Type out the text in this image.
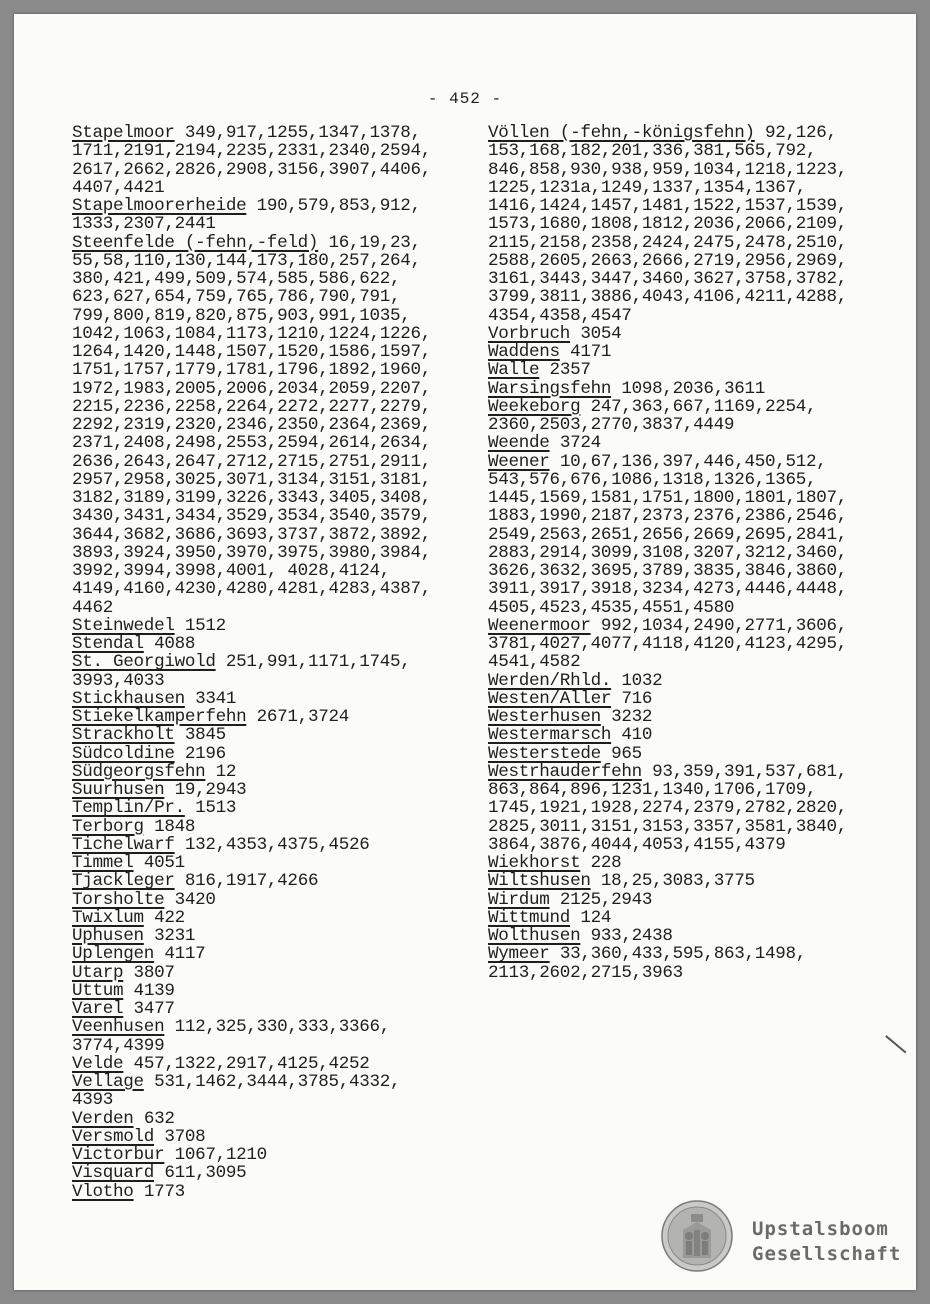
- 452 -
Stapelmoor 349,917,1255,1347,1378,
1711,2191,2194,2235,2331,2340,2594,
2617,2662,2826,2908,3156,3907,4406,
4407,4421
Stapelmoorerheide 190,579,853,912,
1333,2307,2441
Steenfelde (-fehn,-feld) 16,19,23,
55,58,110,130,144,173,180,257,264,
380,421,499,509,574,585,586,622,
623,627,654,759,765,786,790,791,
799,800,819,820,875,903,991,1035,
1042,1063,1084,1173,1210,1224,1226,
1264,1420,1448,1507,1520,1586,1597,
1751,1757,1779,1781,1796,1892,1960,
1972,1983,2005,2006,2034,2059,2207,
2215,2236,2258,2264,2272,2277,2279,
2292,2319,2320,2346,2350,2364,2369,
2371,2408,2498,2553,2594,2614,2634,
2636,2643,2647,2712,2715,2751,2911,
2957,2958,3025,3071,3134,3151,3181,
3182,3189,3199,3226,3343,3405,3408,
3430,3431,3434,3529,3534,3540,3579,
3644,3682,3686,3693,3737,3872,3892,
3893,3924,3950,3970,3975,3980,3984,
3992,3994,3998,4001, 4028,4124,
4149,4160,4230,4280,4281,4283,4387,
4462
Steinwedel 1512
Stendal 4088
St. Georgiwold 251,991,1171,1745,
3993,4033
Stickhausen 3341
Stiekelkamperfehn 2671,3724
Strackholt 3845
Südcoldine 2196
Südgeorgsfehn 12
Suurhusen 19,2943
Templin/Pr. 1513
Terborg 1848
Tichelwarf 132,4353,4375,4526
Timmel 4051
Tjackleger 816,1917,4266
Torsholte 3420
Twixlum 422
Uphusen 3231
Uplengen 4117
Utarp 3807
Uttum 4139
Varel 3477
Veenhusen 112,325,330,333,3366,
3774,4399
Velde 457,1322,2917,4125,4252
Vellage 531,1462,3444,3785,4332,
4393
Verden 632
Versmold 3708
Victorbur 1067,1210
Visquard 611,3095
Vlotho 1773
Völlen (-fehn,-königsfehn) 92,126,
153,168,182,201,336,381,565,792,
846,858,930,938,959,1034,1218,1223,
1225,1231a,1249,1337,1354,1367,
1416,1424,1457,1481,1522,1537,1539,
1573,1680,1808,1812,2036,2066,2109,
2115,2158,2358,2424,2475,2478,2510,
2588,2605,2663,2666,2719,2956,2969,
3161,3443,3447,3460,3627,3758,3782,
3799,3811,3886,4043,4106,4211,4288,
4354,4358,4547
Vorbruch 3054
Waddens 4171
Walle 2357
Warsingsfehn 1098,2036,3611
Weekeborg 247,363,667,1169,2254,
2360,2503,2770,3837,4449
Weende 3724
Weener 10,67,136,397,446,450,512,
543,576,676,1086,1318,1326,1365,
1445,1569,1581,1751,1800,1801,1807,
1883,1990,2187,2373,2376,2386,2546,
2549,2563,2651,2656,2669,2695,2841,
2883,2914,3099,3108,3207,3212,3460,
3626,3632,3695,3789,3835,3846,3860,
3911,3917,3918,3234,4273,4446,4448,
4505,4523,4535,4551,4580
Weenermoor 992,1034,2490,2771,3606,
3781,4027,4077,4118,4120,4123,4295,
4541,4582
Werden/Rhld. 1032
Westen/Aller 716
Westerhusen 3232
Westermarsch 410
Westerstede 965
Westrhauderfehn 93,359,391,537,681,
863,864,896,1231,1340,1706,1709,
1745,1921,1928,2274,2379,2782,2820,
2825,3011,3151,3153,3357,3581,3840,
3864,3876,4044,4053,4155,4379
Wiekhorst 228
Wiltshusen 18,25,3083,3775
Wirdum 2125,2943
Wittmund 124
Wolthusen 933,2438
Wymeer 33,360,433,595,863,1498,
2113,2602,2715,3963
Upstalsboom
Gesellschaft
